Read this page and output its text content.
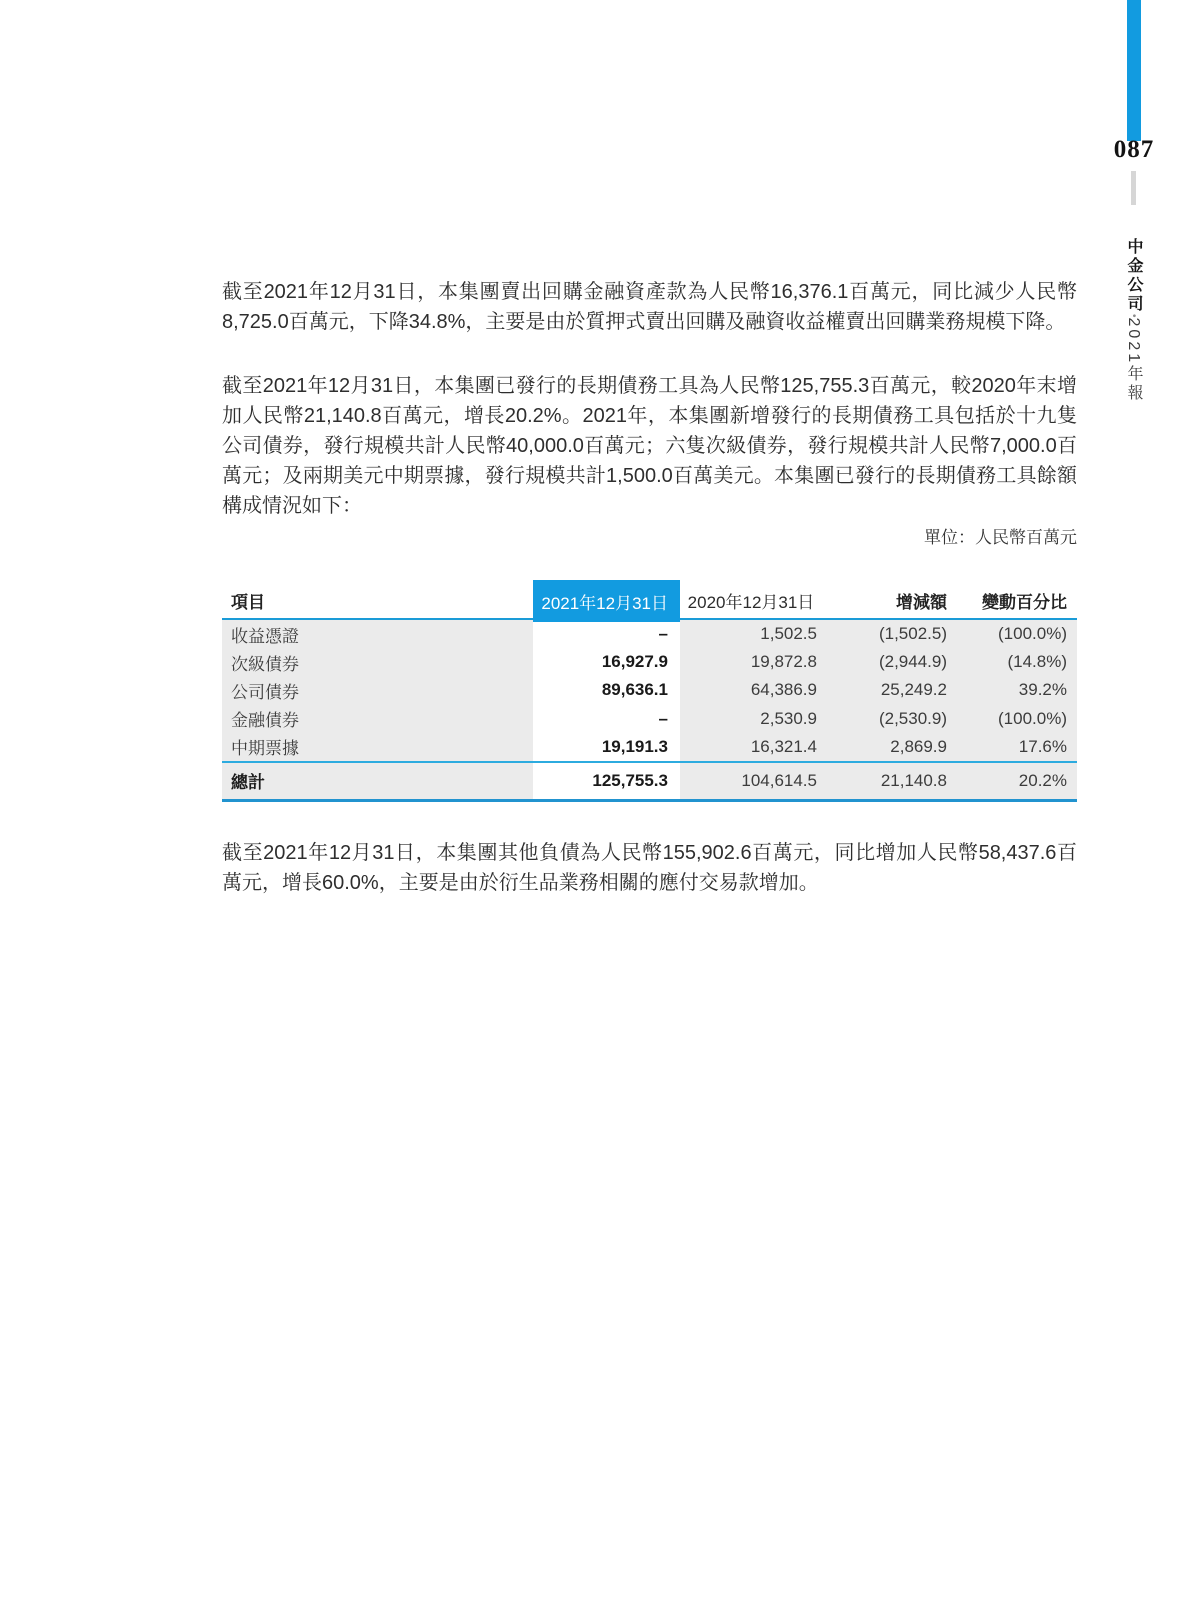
087
中金公司•2021年報

截至2021年12月31日，本集團賣出回購金融資產款為人民幣16,376.1百萬元，同比減少人民幣8,725.0百萬元，下降34.8%，主要是由於質押式賣出回購及融資收益權賣出回購業務規模下降。

截至2021年12月31日，本集團已發行的長期債務工具為人民幣125,755.3百萬元，較2020年末增加人民幣21,140.8百萬元，增長20.2%。2021年，本集團新增發行的長期債務工具包括於十九隻公司債券，發行規模共計人民幣40,000.0百萬元；六隻次級債券，發行規模共計人民幣7,000.0百萬元；及兩期美元中期票據，發行規模共計1,500.0百萬美元。本集團已發行的長期債務工具餘額構成情況如下：

單位：人民幣百萬元

項目	2021年12月31日	2020年12月31日	增減額	變動百分比
收益憑證	–	1,502.5	(1,502.5)	(100.0%)
次級債券	16,927.9	19,872.8	(2,944.9)	(14.8%)
公司債券	89,636.1	64,386.9	25,249.2	39.2%
金融債券	–	2,530.9	(2,530.9)	(100.0%)
中期票據	19,191.3	16,321.4	2,869.9	17.6%
總計	125,755.3	104,614.5	21,140.8	20.2%

截至2021年12月31日，本集團其他負債為人民幣155,902.6百萬元，同比增加人民幣58,437.6百萬元，增長60.0%，主要是由於衍生品業務相關的應付交易款增加。
